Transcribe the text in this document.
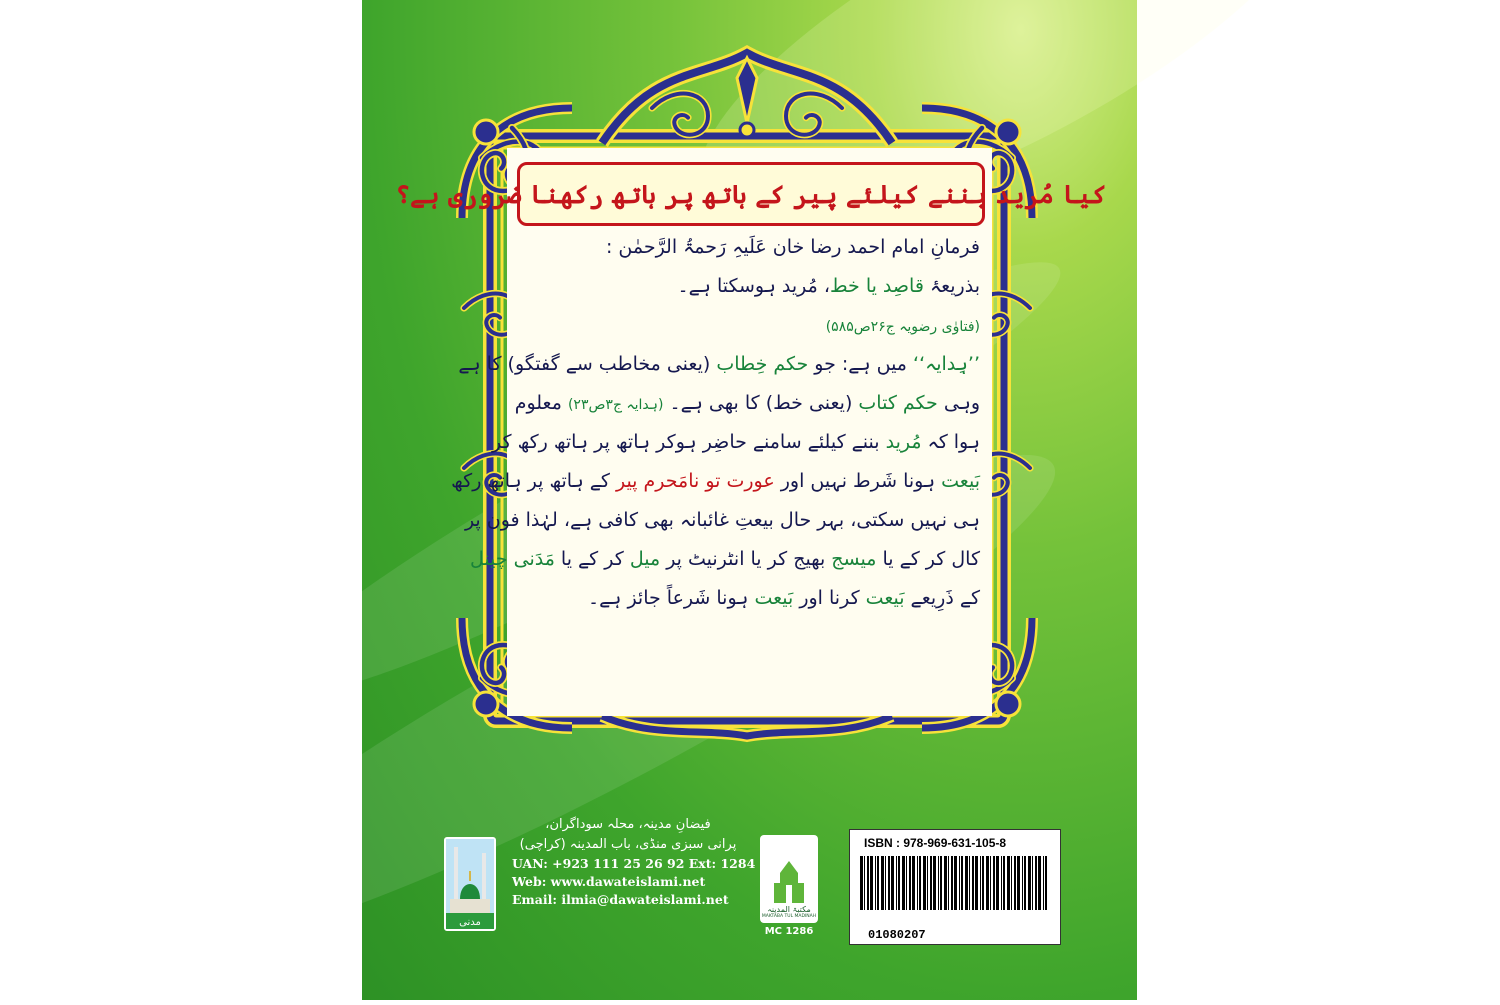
کیا مُرید بننے کیلئے پیر کے ہاتھ پر ہاتھ رکھنا ضروری ہے؟
فرمانِ امام احمد رضا خان عَلَیہِ رَحمۃُ الرَّحمٰن :
بذریعۂ قاصِد یا خط، مُرید ہوسکتا ہے۔
(فتاوٰی رضویہ ج۲۶ص۵۸۵)
’’ہِدایہ‘‘ میں ہے: جو حکم خِطاب (یعنی مخاطب سے گفتگو) کا ہے
وہی حکم کتاب (یعنی خط) کا بھی ہے۔ (ہدایہ ج۳ص۲۳) معلوم
ہوا کہ مُرید بننے کیلئے سامنے حاضِر ہوکر ہاتھ پر ہاتھ رکھ کر
بَیعت ہونا شَرط نہیں اور عورت تو نامَحرم پیر کے ہاتھ پر ہاتھ رکھ
ہی نہیں سکتی، بہر حال بیعتِ غائبانہ بھی کافی ہے، لہٰذا فون پر
کال کر کے یا میسج بھیج کر یا انٹرنیٹ پر میل کر کے یا مَدَنی چینل
کے ذَرِیعے بَیعت کرنا اور بَیعت ہونا شَرعاً جائز ہے۔
مدنی
فیضانِ مدینہ، محلہ سوداگران،
پرانی سبزی منڈی، باب المدینہ (کراچی)
UAN: +923 111 25 26 92 Ext: 1284
Web: www.dawateislami.net
Email: ilmia@dawateislami.net
مکتبۃ المدینہ
MAKTABA TUL MADINAH
MC 1286
ISBN : 978-969-631-105-8
01080207
